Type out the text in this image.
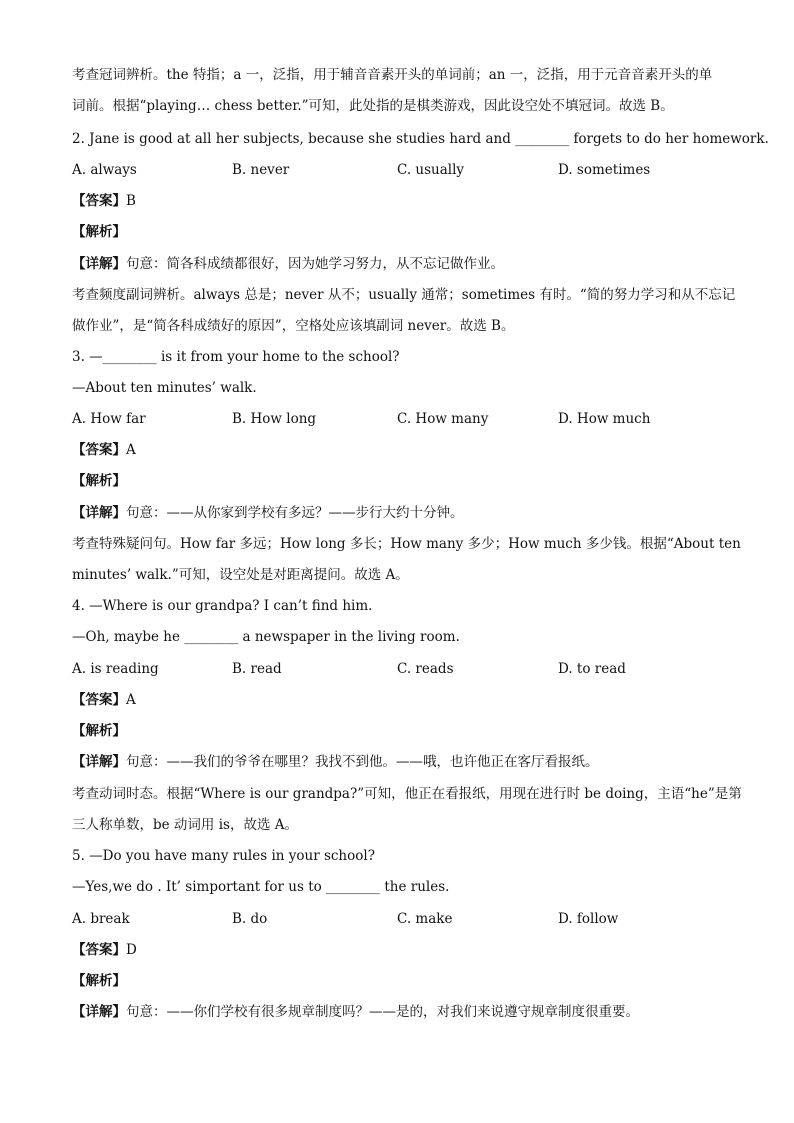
考查冠词辨析。the 特指；a 一，泛指，用于辅音音素开头的单词前；an 一，泛指，用于元音音素开头的单
词前。根据“playing… chess better.”可知，此处指的是棋类游戏，因此设空处不填冠词。故选 B。
2. Jane is good at all her subjects, because she studies hard and ________ forgets to do her homework.
A. always	B. never	C. usually	D. sometimes
【答案】B
【解析】
【详解】句意：简各科成绩都很好，因为她学习努力，从不忘记做作业。
考查频度副词辨析。always 总是；never 从不；usually 通常；sometimes 有时。“简的努力学习和从不忘记
做作业”，是“简各科成绩好的原因”，空格处应该填副词 never。故选 B。
3. —________ is it from your home to the school?
—About ten minutes’ walk.
A. How far	B. How long	C. How many	D. How much
【答案】A
【解析】
【详解】句意：——从你家到学校有多远？——步行大约十分钟。
考查特殊疑问句。How far 多远；How long 多长；How many 多少；How much 多少钱。根据“About ten
minutes’ walk.”可知，设空处是对距离提问。故选 A。
4. —Where is our grandpa? I can’t find him.
—Oh, maybe he ________ a newspaper in the living room.
A. is reading	B. read	C. reads	D. to read
【答案】A
【解析】
【详解】句意：——我们的爷爷在哪里？我找不到他。——哦，也许他正在客厅看报纸。
考查动词时态。根据“Where is our grandpa?”可知，他正在看报纸，用现在进行时 be doing，主语“he”是第
三人称单数，be 动词用 is，故选 A。
5. —Do you have many rules in your school?
—Yes,we do . It’ simportant for us to ________ the rules.
A. break	B. do	C. make	D. follow
【答案】D
【解析】
【详解】句意：——你们学校有很多规章制度吗？——是的，对我们来说遵守规章制度很重要。
